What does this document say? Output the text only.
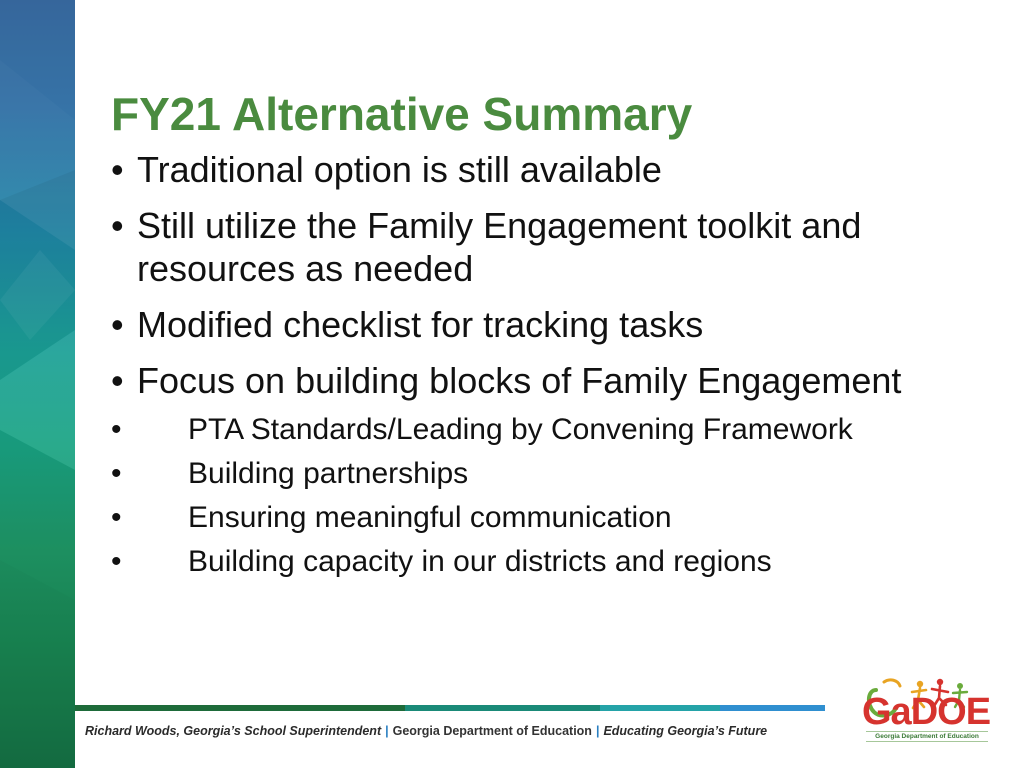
FY21 Alternative Summary
• Traditional option is still available
• Still utilize the Family Engagement toolkit and resources as needed
• Modified checklist for tracking tasks
• Focus on building blocks of Family Engagement
• PTA Standards/Leading by Convening Framework
• Building partnerships
• Ensuring meaningful communication
• Building capacity in our districts and regions
Richard Woods, Georgia’s School Superintendent | Georgia Department of Education | Educating Georgia’s Future GaDOE
Georgia Department of Education
